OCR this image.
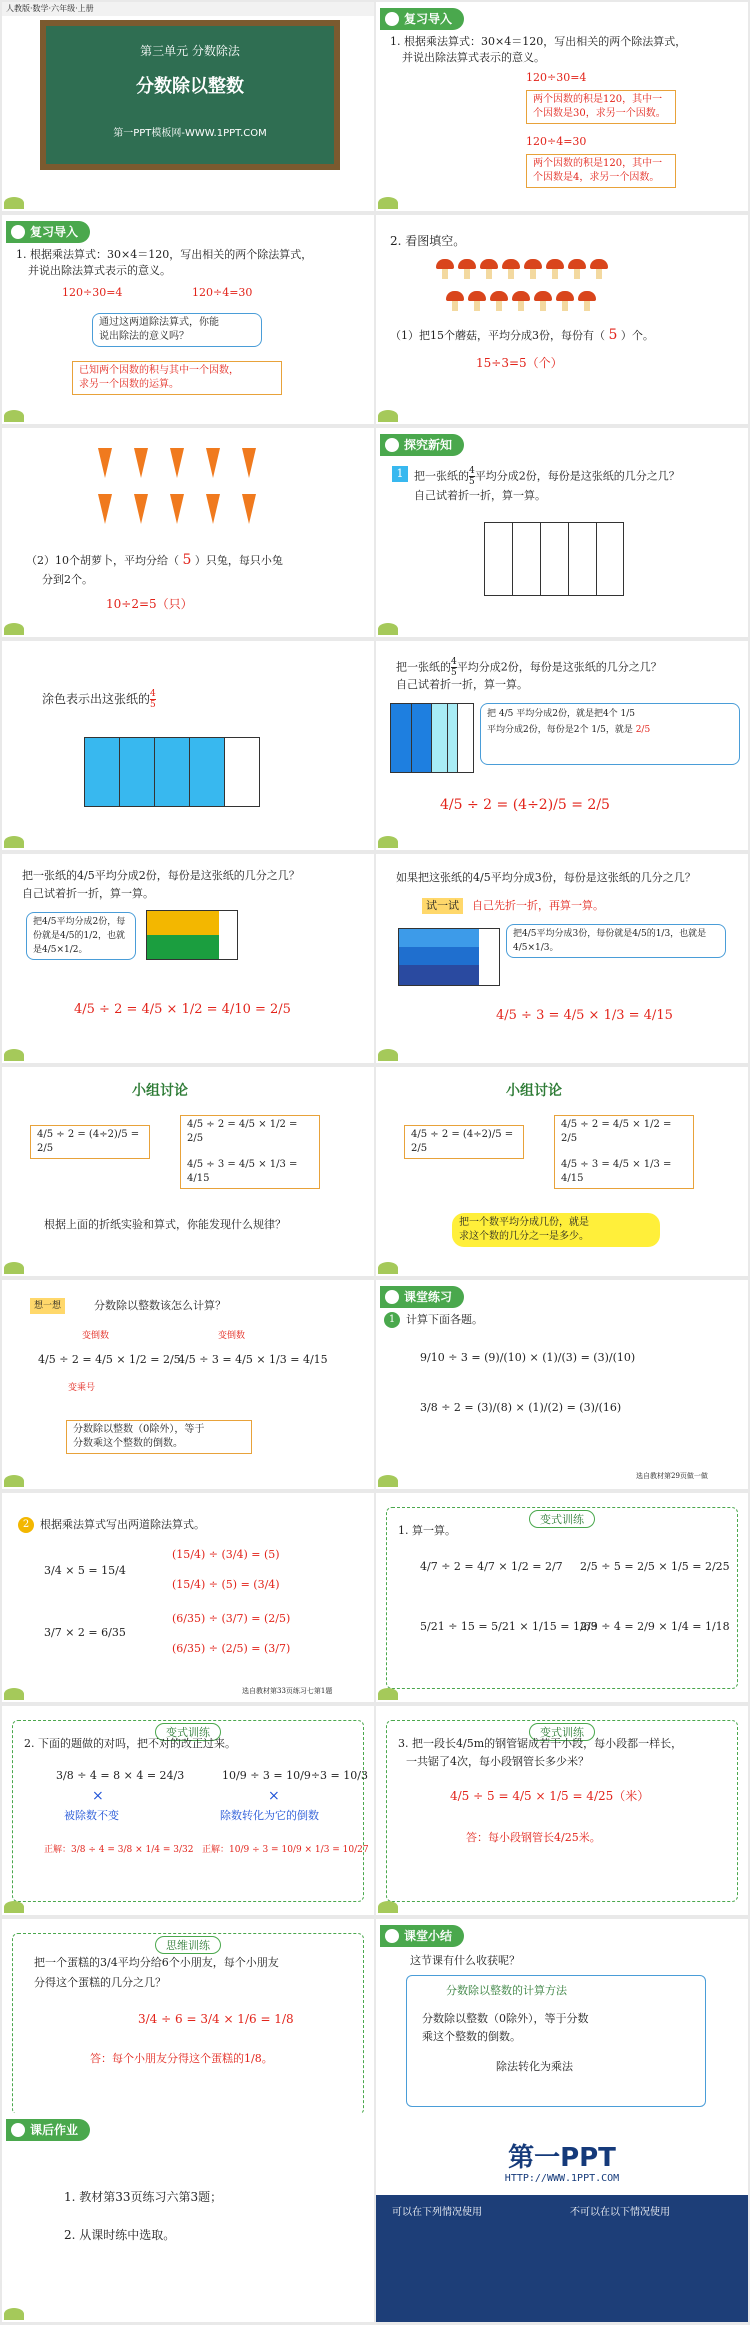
人教版·数学·六年级·上册
第三单元 分数除法
分数除以整数
第一PPT模板网-WWW.1PPT.COM
复习导入
1. 根据乘法算式：30×4＝120，写出相关的两个除法算式，
并说出除法算式表示的意义。
120÷30=4
两个因数的积是120，其中一
个因数是30，求另一个因数。
120÷4=30
两个因数的积是120，其中一
个因数是4，求另一个因数。
复习导入
1. 根据乘法算式：30×4＝120，写出相关的两个除法算式，
并说出除法算式表示的意义。
120÷30=4	120÷4=30
通过这两道除法算式，你能
说出除法的意义吗？
已知两个因数的积与其中一个因数，
求另一个因数的运算。
2. 看图填空。
（1）把15个蘑菇，平均分成3份，每份有（ 5 ）个。
15÷3=5（个）
（2）10个胡萝卜，平均分给（ 5 ）只兔，每只小兔
分到2个。
10÷2=5（只）
探究新知
1 把一张纸的 $\frac{4}{5}$ 平均分成2份，每份是这张纸的几分之几？
自己试着折一折，算一算。
涂色表示出这张纸的 $\frac{4}{5}$
把一张纸的 $\frac{4}{5}$ 平均分成2份，每份是这张纸的几分之几？
自己试着折一折，算一算。
把 4/5 平均分成2份，就是把4个 1/5
平均分成2份，每份是2个 1/5，就是 2/5
4/5 ÷ 2 = (4÷2)/5 = 2/5
把一张纸的4/5平均分成2份，每份是这张纸的几分之几？
自己试着折一折，算一算。
把4/5平均分成2份，每份就是4/5的1/2，也就是4/5×1/2。
4/5 ÷ 2 = 4/5 × 1/2 = 4/10 = 2/5
如果把这张纸的4/5平均分成3份，每份是这张纸的几分之几？
试一试	自己先折一折，再算一算。
把4/5平均分成3份，每份就是4/5的1/3，也就是4/5×1/3。
4/5 ÷ 3 = 4/5 × 1/3 = 4/15
小组讨论
4/5 ÷ 2 = (4÷2)/5 = 2/5
4/5 ÷ 2 = 4/5 × 1/2 = 2/5
4/5 ÷ 3 = 4/5 × 1/3 = 4/15
根据上面的折纸实验和算式，你能发现什么规律？
小组讨论
4/5 ÷ 2 = (4÷2)/5 = 2/5
4/5 ÷ 2 = 4/5 × 1/2 = 2/5
4/5 ÷ 3 = 4/5 × 1/3 = 4/15
把一个数平均分成几份，就是
求这个数的几分之一是多少。
想一想	分数除以整数该怎么计算？
变倒数	变倒数
4/5 ÷ 2 = 4/5 × 1/2 = 2/5
4/5 ÷ 3 = 4/5 × 1/3 = 4/15
变乘号
分数除以整数（0除外），等于
分数乘这个整数的倒数。
课堂练习
1 计算下面各题。
9/10 ÷ 3 = (9)/(10) × (1)/(3) = (3)/(10)
3/8 ÷ 2 = (3)/(8) × (1)/(2) = (3)/(16)
选自教材第29页做一做
2 根据乘法算式写出两道除法算式。
3/4 × 5 = 15/4
3/7 × 2 = 6/35
(15/4) ÷ (3/4) = (5)
(15/4) ÷ (5) = (3/4)
(6/35) ÷ (3/7) = (2/5)
(6/35) ÷ (2/5) = (3/7)
选自教材第33页练习七第1题
变式训练
1. 算一算。
4/7 ÷ 2 = 4/7 × 1/2 = 2/7 2/5 ÷ 5 = 2/5 × 1/5 = 2/25
5/21 ÷ 15 = 5/21 × 1/15 = 1/63
2/9 ÷ 4 = 2/9 × 1/4 = 1/18
变式训练
2. 下面的题做的对吗，把不对的改正过来。
3/8 ÷ 4 = 8 × 4 = 24/3	10/9 ÷ 3 = 10/9÷3 = 10/3
×	×
被除数不变	除数转化为它的倒数
正解：3/8 ÷ 4 = 3/8 × 1/4 = 3/32 正解：10/9 ÷ 3 = 10/9 × 1/3 = 10/27
变式训练
3. 把一段长4/5m的钢管锯成若干小段，每小段都一样长，
一共锯了4次，每小段钢管长多少米？
4/5 ÷ 5 = 4/5 × 1/5 = 4/25（米）
答：每小段钢管长4/25米。
思维训练
把一个蛋糕的3/4平均分给6个小朋友，每个小朋友
分得这个蛋糕的几分之几？
3/4 ÷ 6 = 3/4 × 1/6 = 1/8
答：每个小朋友分得这个蛋糕的1/8。
课堂小结
这节课有什么收获呢？
分数除以整数的计算方法
分数除以整数（0除外），等于分数
乘这个整数的倒数。
除法转化为乘法
课后作业
1. 教材第33页练习六第3题；
2. 从课时练中选取。
第一PPT
HTTP://WWW.1PPT.COM
可以在下列情况使用	不可以在以下情况使用
